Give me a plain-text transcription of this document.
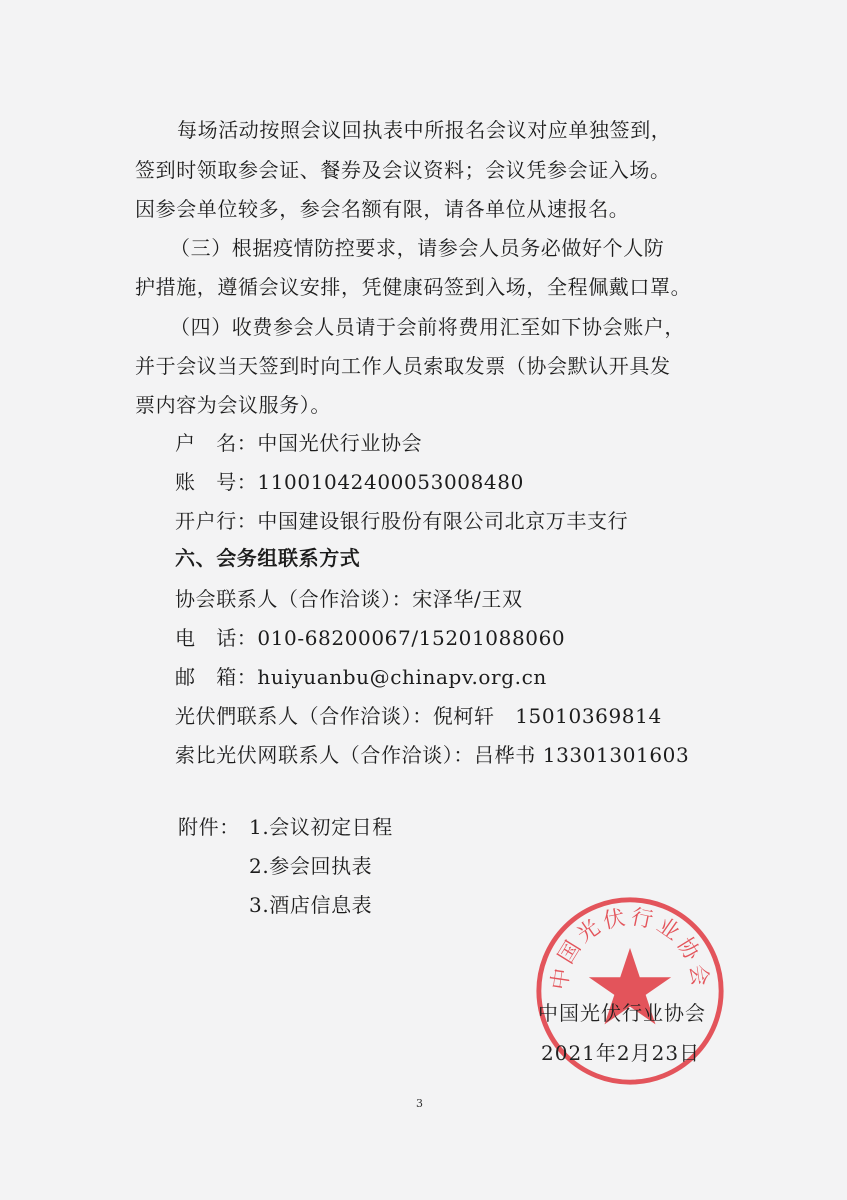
每场活动按照会议回执表中所报名会议对应单独签到，
签到时领取参会证、餐券及会议资料；会议凭参会证入场。
因参会单位较多，参会名额有限，请各单位从速报名。
（三）根据疫情防控要求，请参会人员务必做好个人防
护措施，遵循会议安排，凭健康码签到入场，全程佩戴口罩。
（四）收费参会人员请于会前将费用汇至如下协会账户，
并于会议当天签到时向工作人员索取发票（协会默认开具发
票内容为会议服务）。
户　名：中国光伏行业协会
账　号：11001042400053008480
开户行：中国建设银行股份有限公司北京万丰支行
六、会务组联系方式
协会联系人（合作洽谈）：宋泽华/王双
电　话：010-68200067/15201088060
邮　箱：huiyuanbu@chinapv.org.cn
光伏們联系人（合作洽谈）：倪柯轩　15010369814
索比光伏网联系人（合作洽谈）：吕桦书 13301301603
附件： 1.会议初定日程
2.参会回执表
3.酒店信息表
中国光伏行业协会
中国光伏行业协会
2021年2月23日
3
